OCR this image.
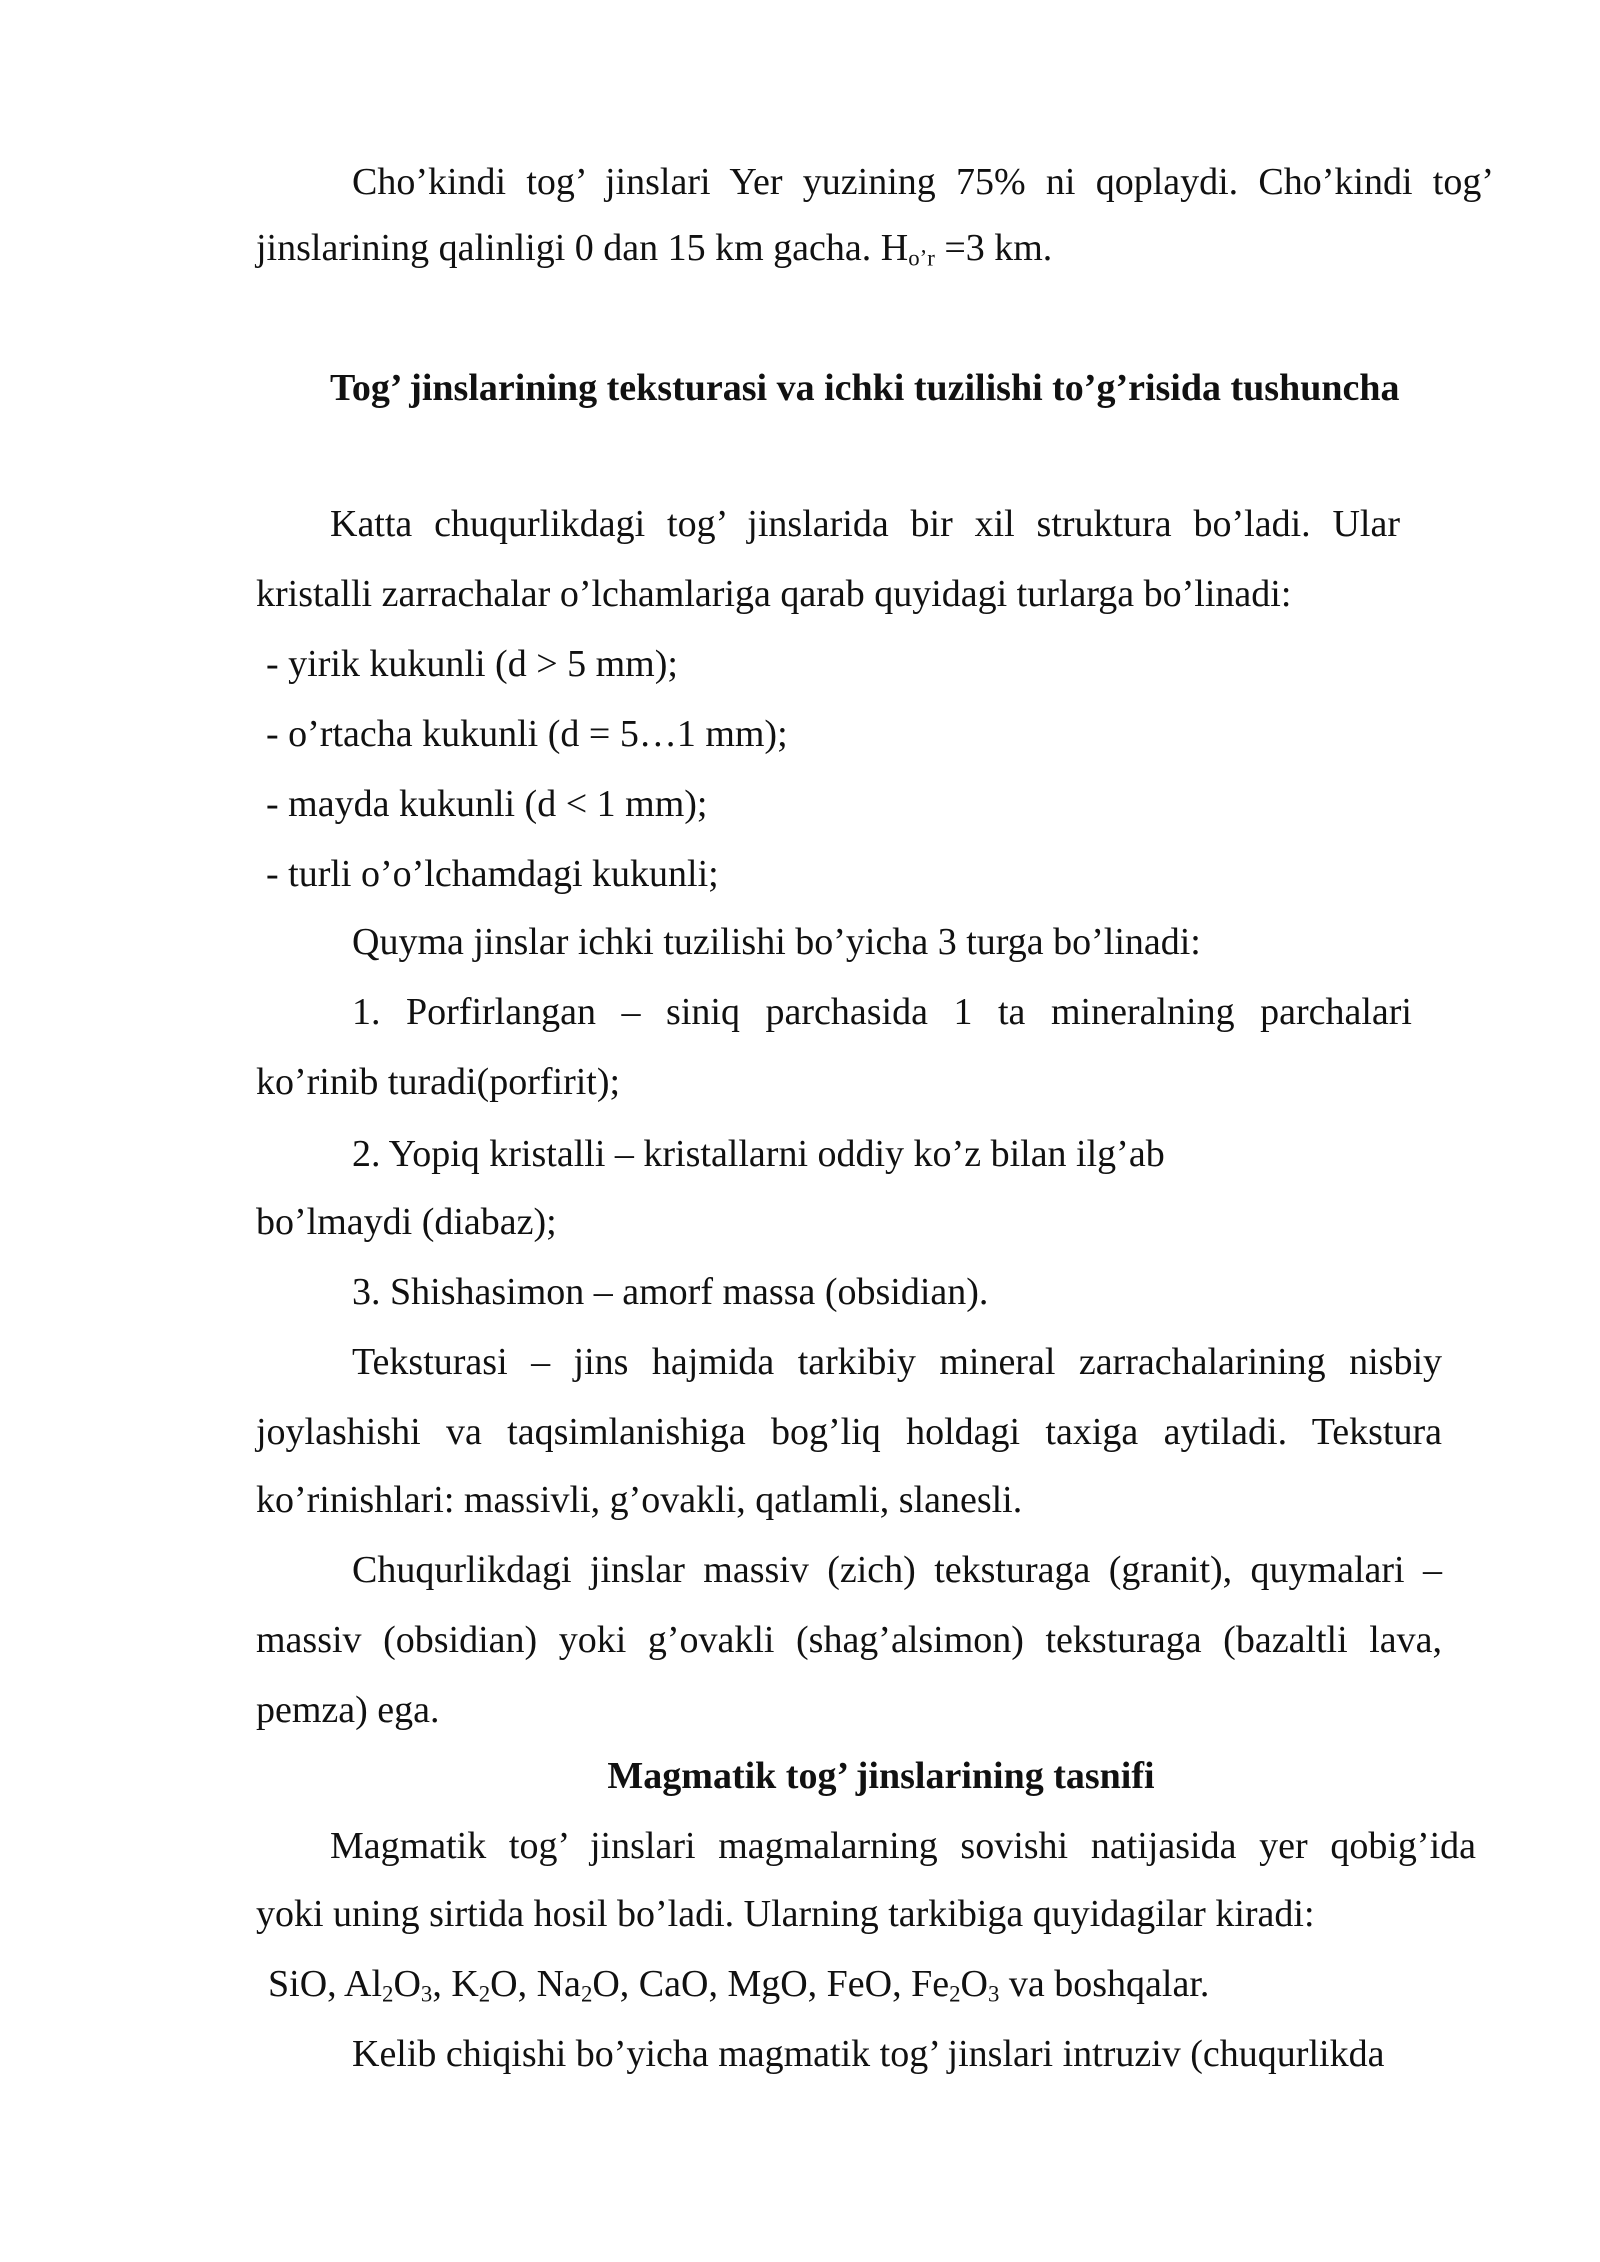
Cho’kindi tog’ jinslari Yer yuzining 75% ni qoplaydi. Cho’kindi tog’

jinslarining qalinligi 0 dan 15 km gacha. $H_{o’r} =3$ km.

Tog’ jinslarining teksturasi va ichki tuzilishi to’g’risida tushuncha

Katta chuqurlikdagi tog’ jinslarida bir xil struktura bo’ladi. Ular

kristalli zarrachalar o’lchamlariga qarab quyidagi turlarga bo’linadi:

- yirik kukunli (d > 5 mm);

- o’rtacha kukunli (d = 5…1 mm);

- mayda kukunli (d < 1 mm);

- turli o’o’lchamdagi kukunli;

Quyma jinslar ichki tuzilishi bo’yicha 3 turga bo’linadi:

1. Porfirlangan – siniq parchasida 1 ta mineralning parchalari

ko’rinib turadi(porfirit);

2. Yopiq kristalli – kristallarni oddiy ko’z bilan ilg’ab

bo’lmaydi (diabaz);

3. Shishasimon – amorf massa (obsidian).

Teksturasi – jins hajmida tarkibiy mineral zarrachalarining nisbiy

joylashishi va taqsimlanishiga bog’liq holdagi taxiga aytiladi. Tekstura

ko’rinishlari: massivli, g’ovakli, qatlamli, slanesli.

Chuqurlikdagi jinslar massiv (zich) teksturaga (granit), quymalari –

massiv (obsidian) yoki g’ovakli (shag’alsimon) teksturaga (bazaltli lava,

pemza) ega.

Magmatik tog’ jinslarining tasnifi

Magmatik tog’ jinslari magmalarning sovishi natijasida yer qobig’ida

yoki uning sirtida hosil bo’ladi. Ularning tarkibiga quyidagilar kiradi:

SiO, $Al_2O_3$, $K_2O$, $Na_2O$, CaO, MgO, FeO, $Fe_2O_3$ va boshqalar.

Kelib chiqishi bo’yicha magmatik tog’ jinslari intruziv (chuqurlikda
